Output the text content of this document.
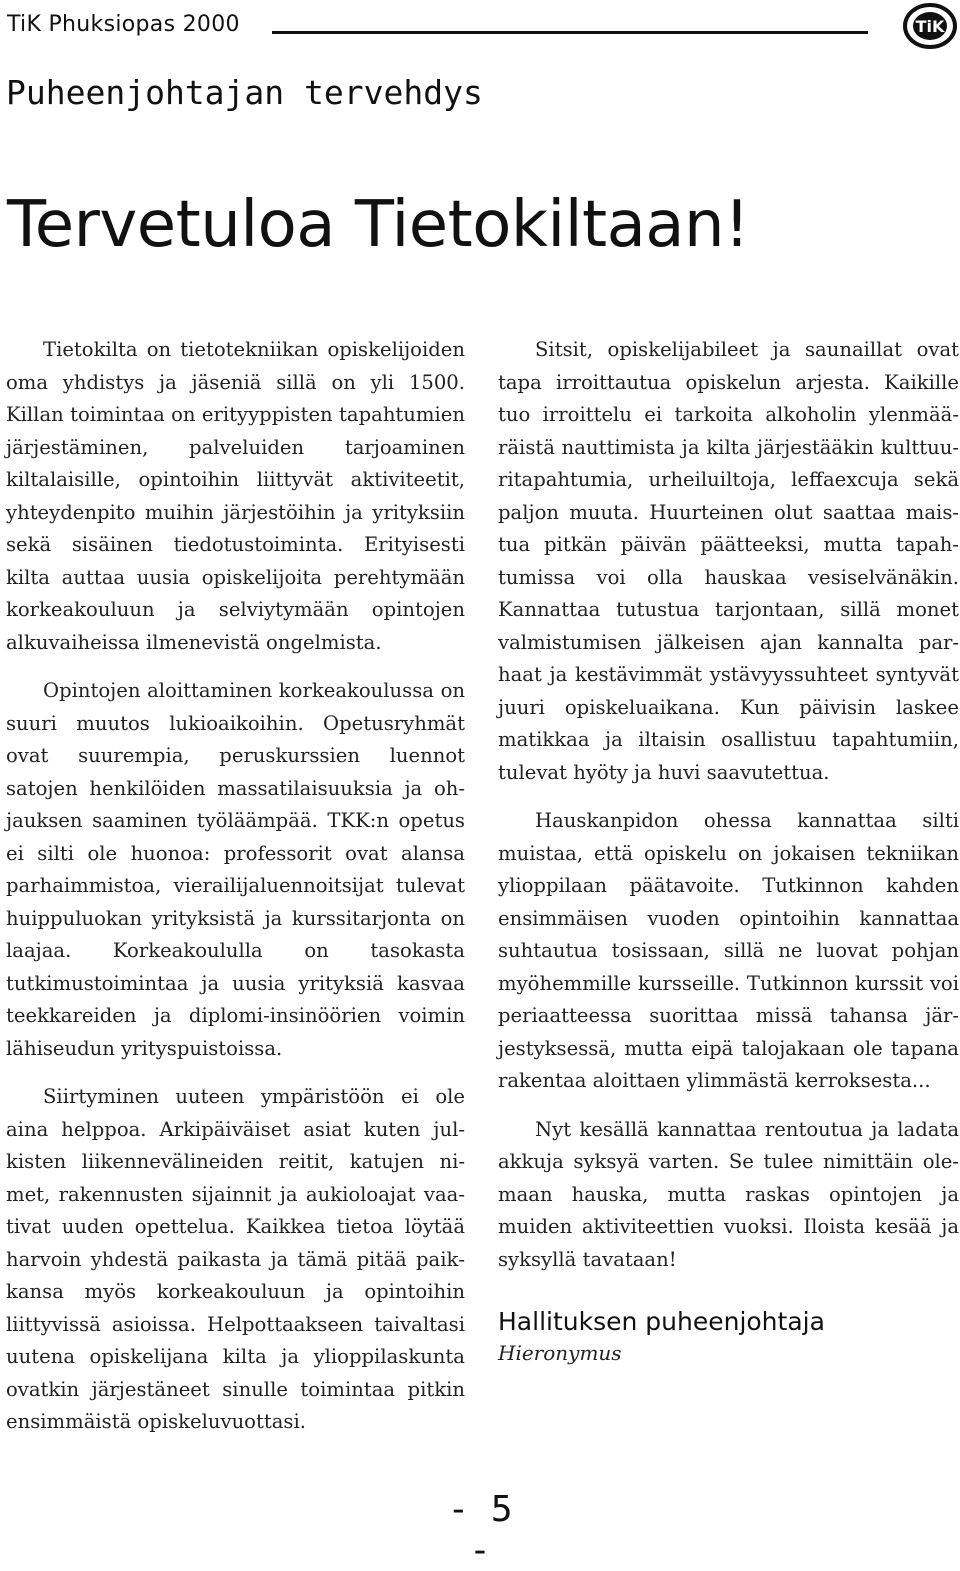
TiK Phuksiopas 2000	TiK
Puheenjohtajan tervehdys
Tervetuloa Tietokiltaan!

Tietokilta on tietotekniikan opiskelijoiden oma yhdistys ja jäseniä sillä on yli 1500. Killan toimintaa on erityyppisten tapahtumien järjestäminen, palveluiden tarjoaminen kiltalaisille, opintoihin liittyvät aktiviteetit, yhteydenpito muihin järjestöihin ja yrityksiin sekä sisäinen tiedotustoiminta. Erityisesti kilta auttaa uusia opiskelijoita perehtymään korkeakouluun ja selviytymään opintojen alkuvaiheissa ilmenevistä ongelmista.

Opintojen aloittaminen korkeakoulussa on suuri muutos lukioaikoihin. Opetusryhmät ovat suurempia, peruskurssien luennot satojen henkilöiden massatilaisuuksia ja ohjauksen saaminen työläämpää. TKK:n opetus ei silti ole huonoa: professorit ovat alansa parhaimmistoa, vierailijaluennoitsijat tulevat huippuluokan yrityksistä ja kurssitarjonta on laajaa. Korkeakoululla on tasokasta tutkimustoimintaa ja uusia yrityksiä kasvaa teekkareiden ja diplomi-insinöörien voimin lähiseudun yrityspuistoissa.

Siirtyminen uuteen ympäristöön ei ole aina helppoa. Arkipäiväiset asiat kuten julkisten liikennevälineiden reitit, katujen nimet, rakennusten sijainnit ja aukioloajat vaativat uuden opettelua. Kaikkea tietoa löytää harvoin yhdestä paikasta ja tämä pitää paikkansa myös korkeakouluun ja opintoihin liittyvissä asioissa. Helpottaakseen taivaltasi uutena opiskelijana kilta ja ylioppilaskunta ovatkin järjestäneet sinulle toimintaa pitkin ensimmäistä opiskeluvuottasi.

Sitsit, opiskelijabileet ja saunaillat ovat tapa irroittautua opiskelun arjesta. Kaikille tuo irroittelu ei tarkoita alkoholin ylenmääräistä nauttimista ja kilta järjestääkin kulttuuritapahtumia, urheiluiltoja, leffaexcuja sekä paljon muuta. Huurteinen olut saattaa maistua pitkän päivän päätteeksi, mutta tapahtumissa voi olla hauskaa vesiselvänäkin. Kannattaa tutustua tarjontaan, sillä monet valmistumisen jälkeisen ajan kannalta parhaat ja kestävimmät ystävyyssuhteet syntyvät juuri opiskeluaikana. Kun päivisin laskee matikkaa ja iltaisin osallistuu tapahtumiin, tulevat hyöty ja huvi saavutettua.

Hauskanpidon ohessa kannattaa silti muistaa, että opiskelu on jokaisen tekniikan ylioppilaan päätavoite. Tutkinnon kahden ensimmäisen vuoden opintoihin kannattaa suhtautua tosissaan, sillä ne luovat pohjan myöhemmille kursseille. Tutkinnon kurssit voi periaatteessa suorittaa missä tahansa järjestyksessä, mutta eipä talojakaan ole tapana rakentaa aloittaen ylimmästä kerroksesta...

Nyt kesällä kannattaa rentoutua ja ladata akkuja syksyä varten. Se tulee nimittäin olemaan hauska, mutta raskas opintojen ja muiden aktiviteettien vuoksi. Iloista kesää ja syksyllä tavataan!

Hallituksen puheenjohtaja
Hieronymus

- 5 -
